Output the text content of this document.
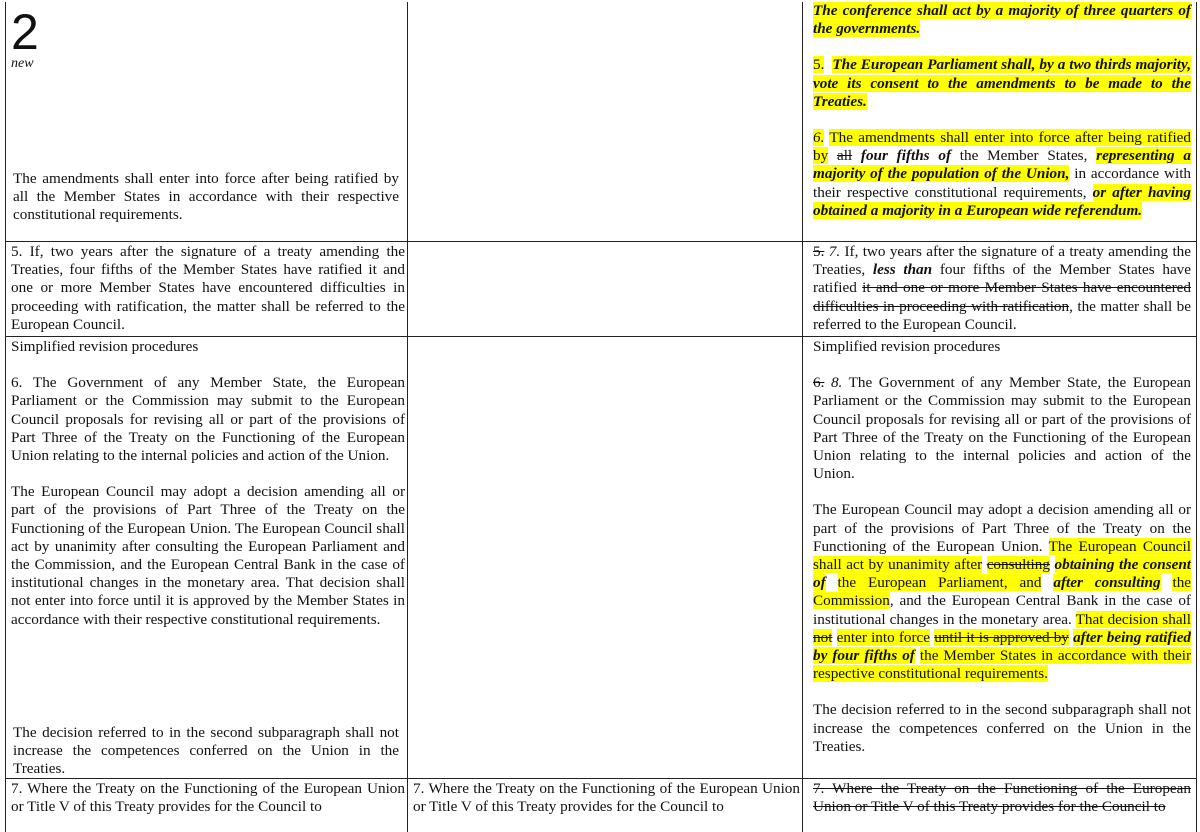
2
new

The amendments shall enter into force after being ratified by all the Member States in accordance with their respective constitutional requirements.

The conference shall act by a majority of three quarters of the governments.

5. The European Parliament shall, by a two thirds majority, vote its consent to the amendments to be made to the Treaties.

6. The amendments shall enter into force after being ratified by all four fifths of the Member States, representing a majority of the population of the Union, in accordance with their respective constitutional requirements, or after having obtained a majority in a European wide referendum.

5. If, two years after the signature of a treaty amending the Treaties, four fifths of the Member States have ratified it and one or more Member States have encountered difficulties in proceeding with ratification, the matter shall be referred to the European Council.

5. 7. If, two years after the signature of a treaty amending the Treaties, less than four fifths of the Member States have ratified it and one or more Member States have encountered difficulties in proceeding with ratification, the matter shall be referred to the European Council.

Simplified revision procedures

6. The Government of any Member State, the European Parliament or the Commission may submit to the European Council proposals for revising all or part of the provisions of Part Three of the Treaty on the Functioning of the European Union relating to the internal policies and action of the Union.

The European Council may adopt a decision amending all or part of the provisions of Part Three of the Treaty on the Functioning of the European Union. The European Council shall act by unanimity after consulting the European Parliament and the Commission, and the European Central Bank in the case of institutional changes in the monetary area. That decision shall not enter into force until it is approved by the Member States in accordance with their respective constitutional requirements.

The decision referred to in the second subparagraph shall not increase the competences conferred on the Union in the Treaties.

Simplified revision procedures

6. 8. The Government of any Member State, the European Parliament or the Commission may submit to the European Council proposals for revising all or part of the provisions of Part Three of the Treaty on the Functioning of the European Union relating to the internal policies and action of the Union.

The European Council may adopt a decision amending all or part of the provisions of Part Three of the Treaty on the Functioning of the European Union. The European Council shall act by unanimity after consulting obtaining the consent of the European Parliament, and after consulting the Commission, and the European Central Bank in the case of institutional changes in the monetary area. That decision shall not enter into force until it is approved by after being ratified by four fifths of the Member States in accordance with their respective constitutional requirements.

The decision referred to in the second subparagraph shall not increase the competences conferred on the Union in the Treaties.

7. Where the Treaty on the Functioning of the European Union or Title V of this Treaty provides for the Council to

7. Where the Treaty on the Functioning of the European Union or Title V of this Treaty provides for the Council to

7. Where the Treaty on the Functioning of the European Union or Title V of this Treaty provides for the Council to
